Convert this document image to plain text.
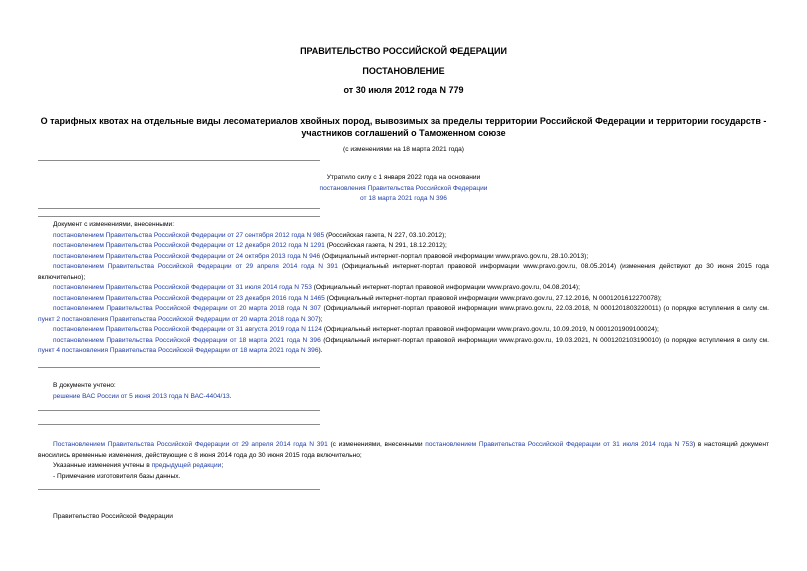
ПРАВИТЕЛЬСТВО РОССИЙСКОЙ ФЕДЕРАЦИИ
ПОСТАНОВЛЕНИЕ
от 30 июля 2012 года N 779
О тарифных квотах на отдельные виды лесоматериалов хвойных пород, вывозимых за пределы территории Российской Федерации и территории государств -
участников соглашений о Таможенном союзе
(с изменениями на 18 марта 2021 года)
Утратило силу с 1 января 2022 года на основании
постановления Правительства Российской Федерации
от 18 марта 2021 года N 396
Документ с изменениями, внесенными:
постановлением Правительства Российской Федерации от 27 сентября 2012 года N 985 (Российская газета, N 227, 03.10.2012);
постановлением Правительства Российской Федерации от 12 декабря 2012 года N 1291 (Российская газета, N 291, 18.12.2012);
постановлением Правительства Российской Федерации от 24 октября 2013 года N 946 (Официальный интернет-портал правовой информации www.pravo.gov.ru, 28.10.2013);
постановлением Правительства Российской Федерации от 29 апреля 2014 года N 391 (Официальный интернет-портал правовой информации www.pravo.gov.ru, 08.05.2014) (изменения действуют до 30 июня 2015 года включительно);
постановлением Правительства Российской Федерации от 31 июля 2014 года N 753 (Официальный интернет-портал правовой информации www.pravo.gov.ru, 04.08.2014);
постановлением Правительства Российской Федерации от 23 декабря 2016 года N 1465 (Официальный интернет-портал правовой информации www.pravo.gov.ru, 27.12.2016, N 0001201612270078);
постановлением Правительства Российской Федерации от 20 марта 2018 года N 307 (Официальный интернет-портал правовой информации www.pravo.gov.ru, 22.03.2018, N 0001201803220011) (о порядке вступления в силу см. пункт 2 постановления Правительства Российской Федерации от 20 марта 2018 года N 307);
постановлением Правительства Российской Федерации от 31 августа 2019 года N 1124 (Официальный интернет-портал правовой информации www.pravo.gov.ru, 10.09.2019, N 0001201909100024);
постановлением Правительства Российской Федерации от 18 марта 2021 года N 396 (Официальный интернет-портал правовой информации www.pravo.gov.ru, 19.03.2021, N 0001202103190010) (о порядке вступления в силу см. пункт 4 постановления Правительства Российской Федерации от 18 марта 2021 года N 396).
В документе учтено:
решение ВАС России от 5 июня 2013 года N ВАС-4404/13.

Постановлением Правительства Российской Федерации от 29 апреля 2014 года N 391 (с изменениями, внесенными постановлением Правительства Российской Федерации от 31 июля 2014 года N 753) в настоящий документ вносились временные изменения, действующие с 8 июня 2014 года до 30 июня 2015 года включительно;

Указанные изменения учтены в предыдущей редакции;

- Примечание изготовителя базы данных.

Правительство Российской Федерации
